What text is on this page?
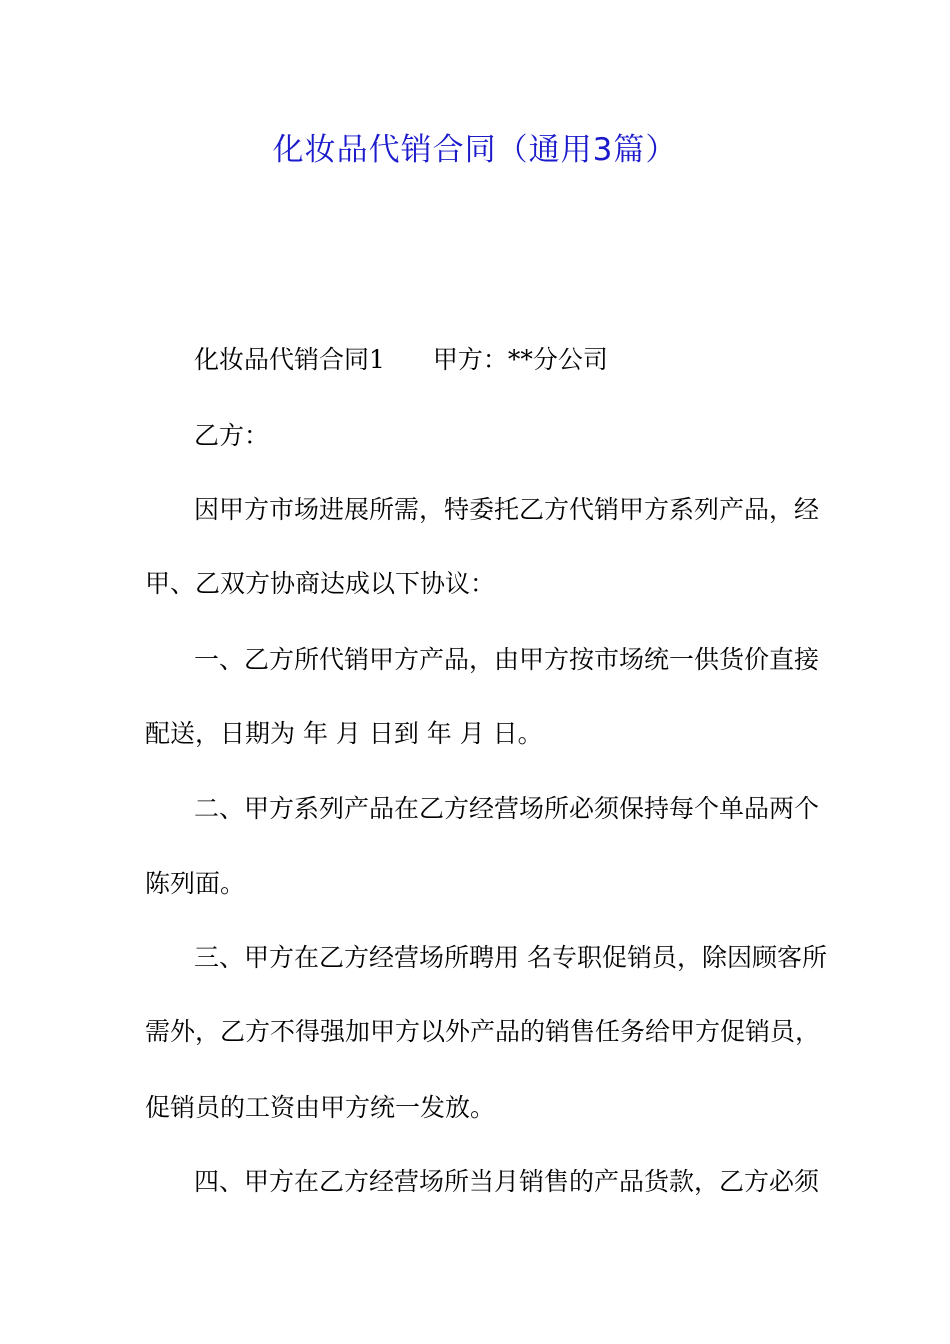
化妆品代销合同（通用3篇）
化妆品代销合同1 甲方：**分公司
乙方：
因甲方市场进展所需，特委托乙方代销甲方系列产品，经
甲、乙双方协商达成以下协议：
一、乙方所代销甲方产品，由甲方按市场统一供货价直接
配送，日期为 年 月 日到 年 月 日。
二、甲方系列产品在乙方经营场所必须保持每个单品两个
陈列面。
三、甲方在乙方经营场所聘用 名专职促销员，除因顾客所
需外，乙方不得强加甲方以外产品的销售任务给甲方促销员，
促销员的工资由甲方统一发放。
四、甲方在乙方经营场所当月销售的产品货款，乙方必须
